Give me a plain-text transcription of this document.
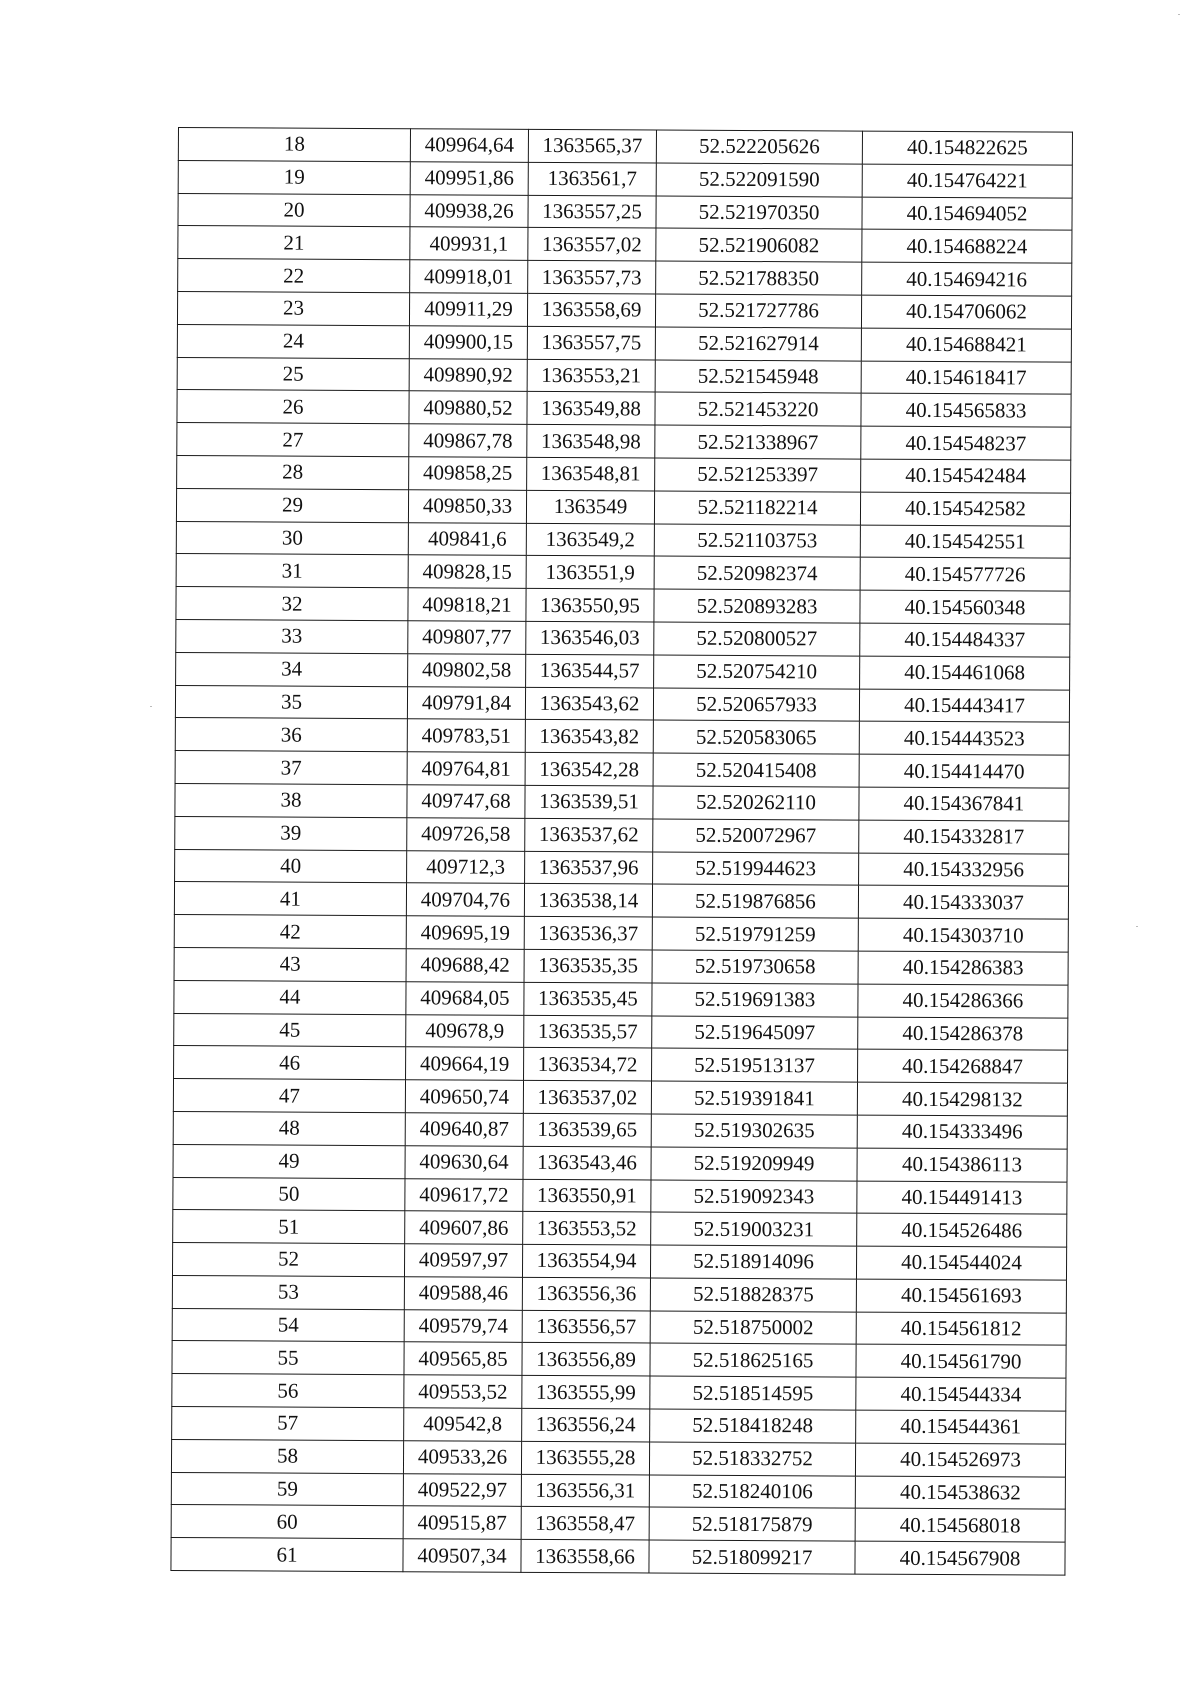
18	409964,64	1363565,37	52.522205626	40.154822625
19	409951,86	1363561,7	52.522091590	40.154764221
20	409938,26	1363557,25	52.521970350	40.154694052
21	409931,1	1363557,02	52.521906082	40.154688224
22	409918,01	1363557,73	52.521788350	40.154694216
23	409911,29	1363558,69	52.521727786	40.154706062
24	409900,15	1363557,75	52.521627914	40.154688421
25	409890,92	1363553,21	52.521545948	40.154618417
26	409880,52	1363549,88	52.521453220	40.154565833
27	409867,78	1363548,98	52.521338967	40.154548237
28	409858,25	1363548,81	52.521253397	40.154542484
29	409850,33	1363549	52.521182214	40.154542582
30	409841,6	1363549,2	52.521103753	40.154542551
31	409828,15	1363551,9	52.520982374	40.154577726
32	409818,21	1363550,95	52.520893283	40.154560348
33	409807,77	1363546,03	52.520800527	40.154484337
34	409802,58	1363544,57	52.520754210	40.154461068
35	409791,84	1363543,62	52.520657933	40.154443417
36	409783,51	1363543,82	52.520583065	40.154443523
37	409764,81	1363542,28	52.520415408	40.154414470
38	409747,68	1363539,51	52.520262110	40.154367841
39	409726,58	1363537,62	52.520072967	40.154332817
40	409712,3	1363537,96	52.519944623	40.154332956
41	409704,76	1363538,14	52.519876856	40.154333037
42	409695,19	1363536,37	52.519791259	40.154303710
43	409688,42	1363535,35	52.519730658	40.154286383
44	409684,05	1363535,45	52.519691383	40.154286366
45	409678,9	1363535,57	52.519645097	40.154286378
46	409664,19	1363534,72	52.519513137	40.154268847
47	409650,74	1363537,02	52.519391841	40.154298132
48	409640,87	1363539,65	52.519302635	40.154333496
49	409630,64	1363543,46	52.519209949	40.154386113
50	409617,72	1363550,91	52.519092343	40.154491413
51	409607,86	1363553,52	52.519003231	40.154526486
52	409597,97	1363554,94	52.518914096	40.154544024
53	409588,46	1363556,36	52.518828375	40.154561693
54	409579,74	1363556,57	52.518750002	40.154561812
55	409565,85	1363556,89	52.518625165	40.154561790
56	409553,52	1363555,99	52.518514595	40.154544334
57	409542,8	1363556,24	52.518418248	40.154544361
58	409533,26	1363555,28	52.518332752	40.154526973
59	409522,97	1363556,31	52.518240106	40.154538632
60	409515,87	1363558,47	52.518175879	40.154568018
61	409507,34	1363558,66	52.518099217	40.154567908
